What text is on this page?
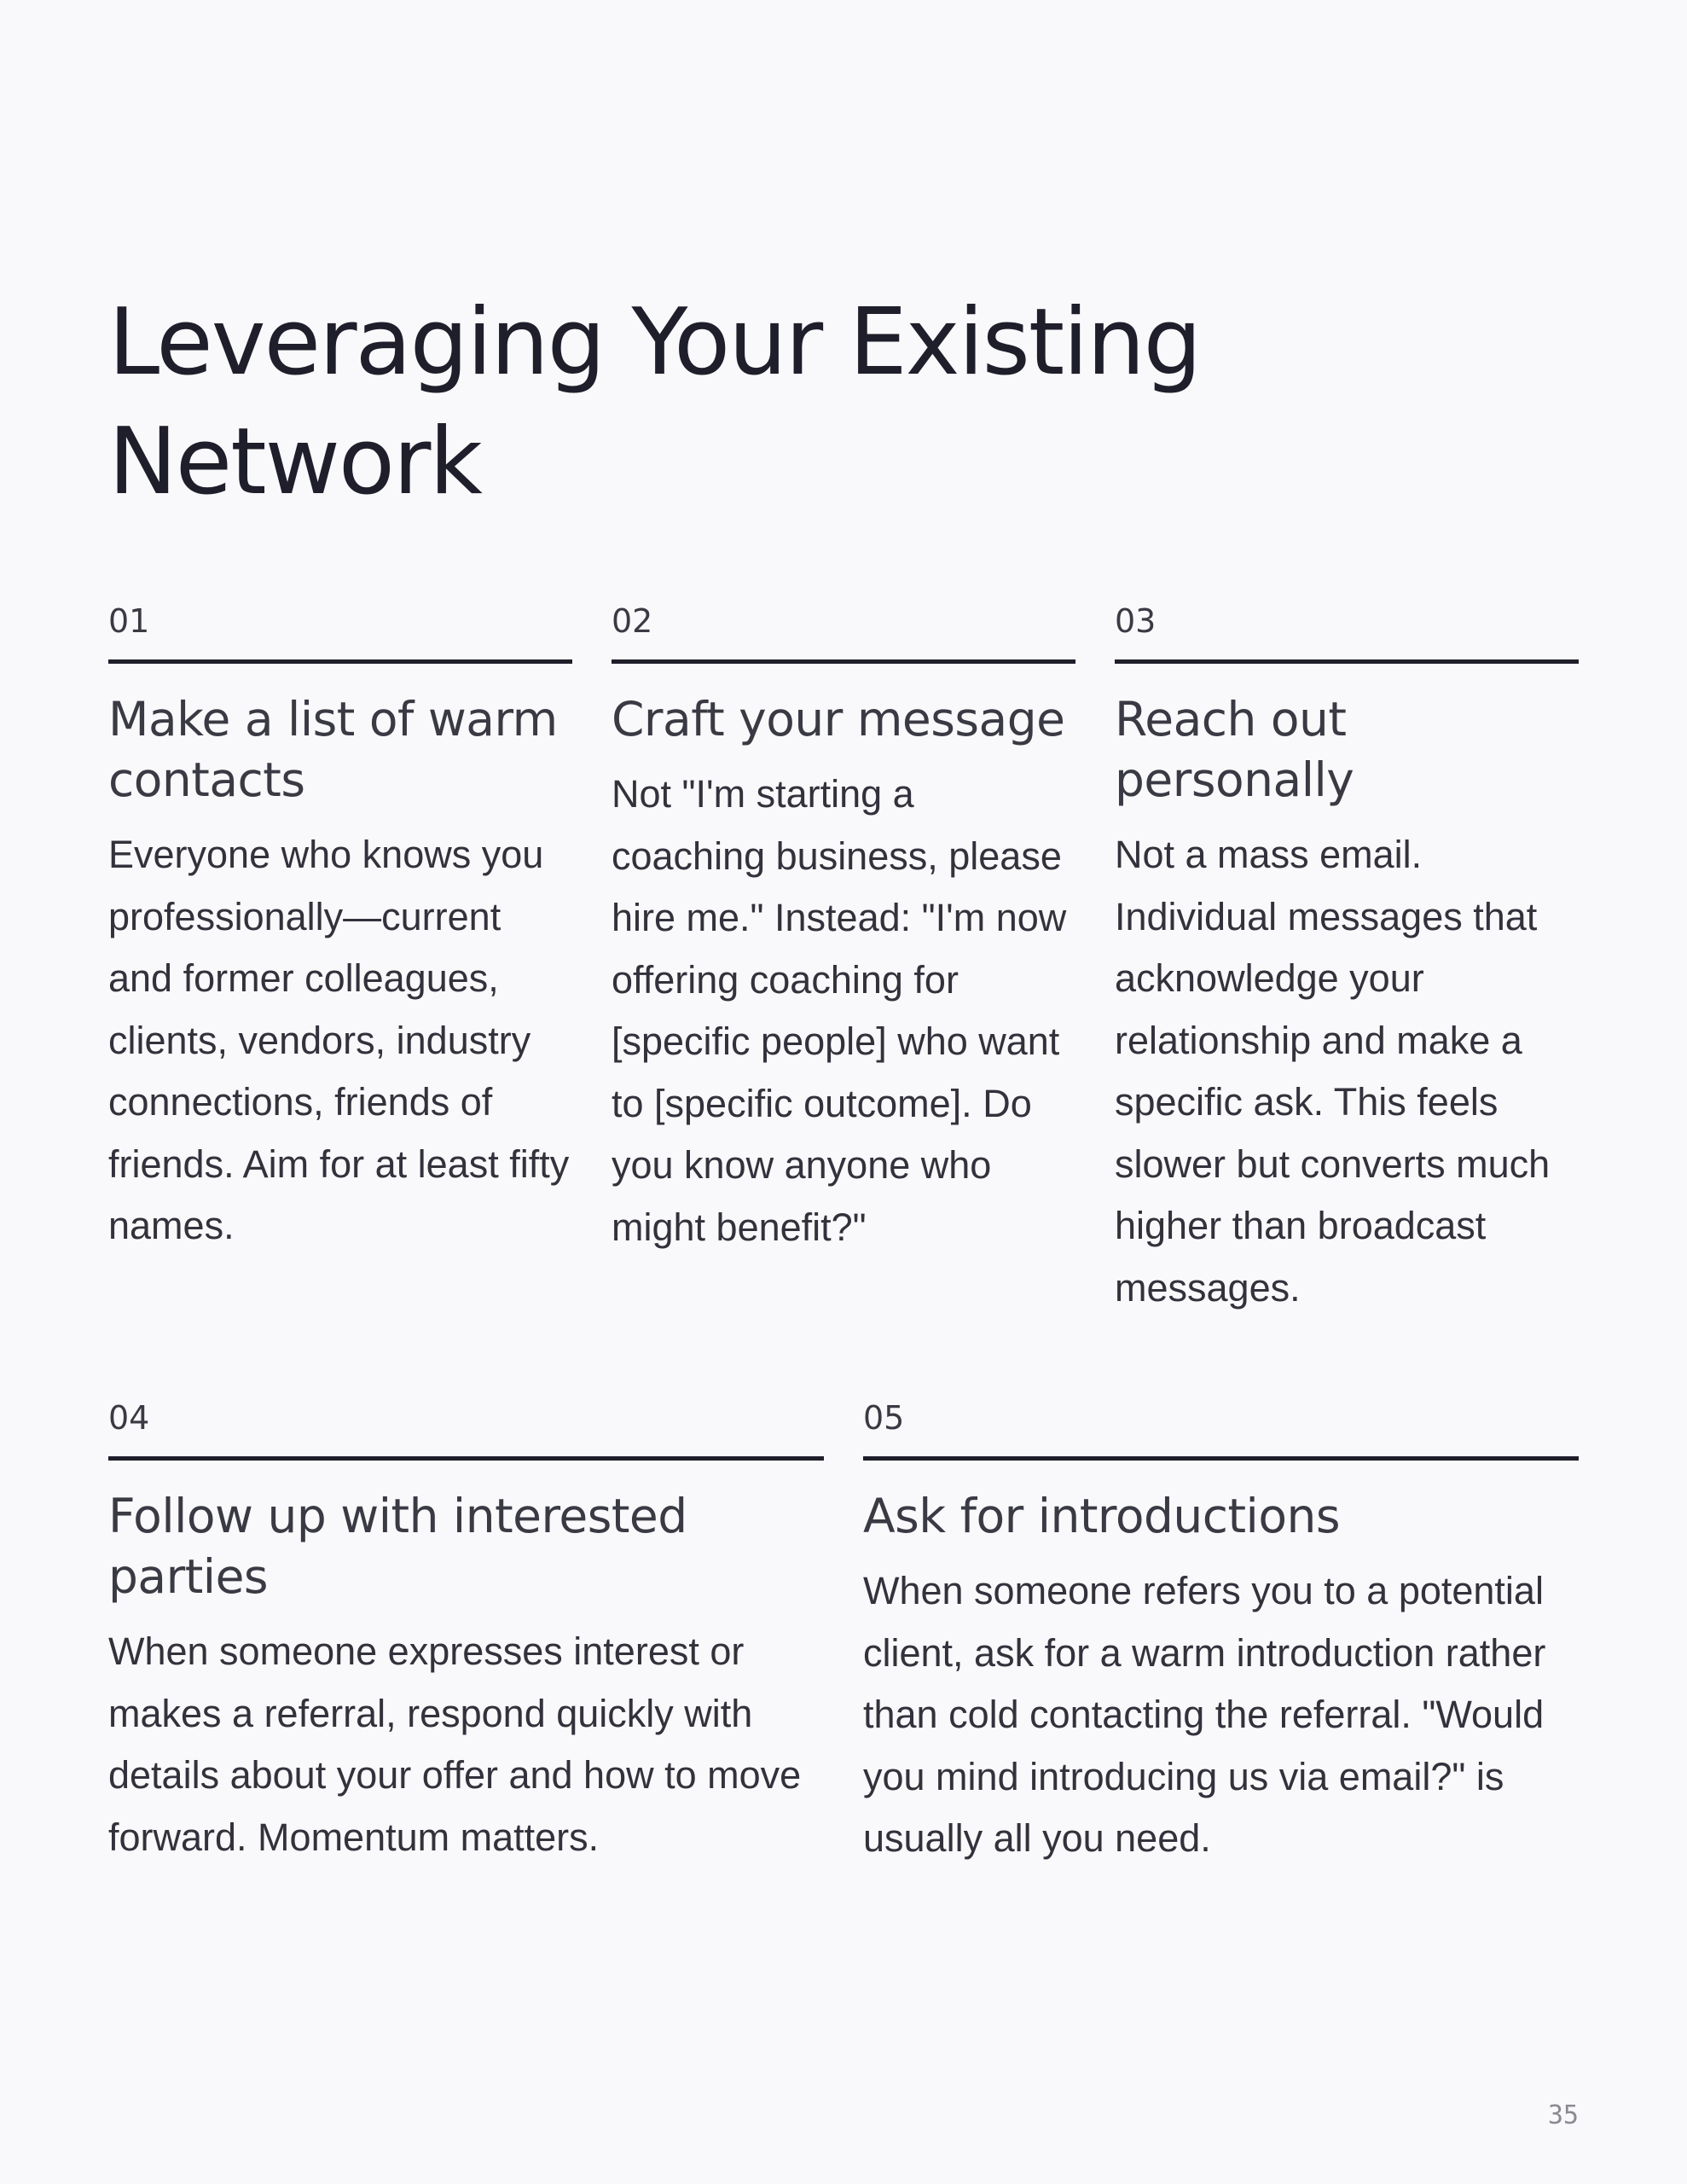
Leveraging Your Existing Network
01
Make a list of warm contacts

Everyone who knows you professionally—current and former colleagues, clients, vendors, industry connections, friends of friends. Aim for at least fifty names.

02
Craft your message

Not "I'm starting a coaching business, please hire me." Instead: "I'm now offering coaching for [specific people] who want to [specific outcome]. Do you know anyone who might benefit?"

03
Reach out personally

Not a mass email. Individual messages that acknowledge your relationship and make a specific ask. This feels slower but converts much higher than broadcast messages.

04
Follow up with interested parties

When someone expresses interest or makes a referral, respond quickly with details about your offer and how to move forward. Momentum matters.

05
Ask for introductions

When someone refers you to a potential client, ask for a warm introduction rather than cold contacting the referral. "Would you mind introducing us via email?" is usually all you need.

35
